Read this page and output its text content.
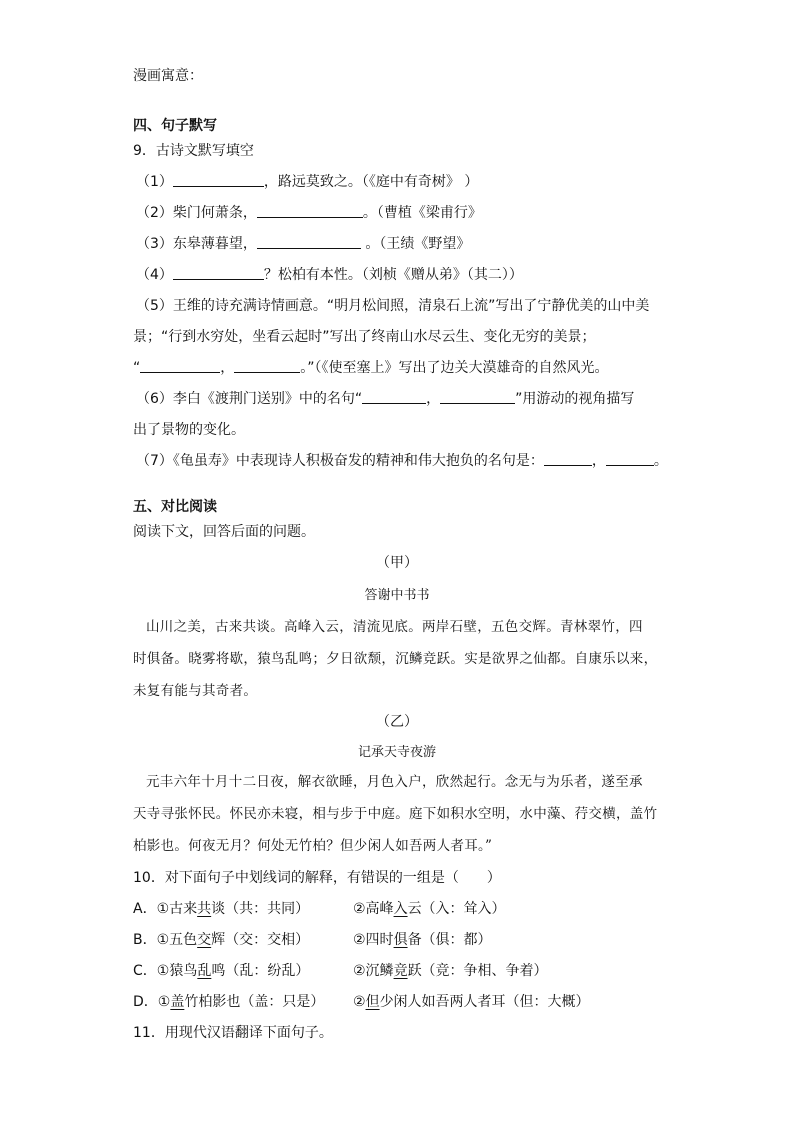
漫画寓意：
四、句子默写
9．古诗文默写填空
（1）	，路远莫致之。（《庭中有奇树》 ）
（2）柴门何萧条，	。（曹植《梁甫行》
（3）东皋薄暮望，	。（王绩《野望》
（4）	？松柏有本性。（刘桢《赠从弟》（其二））
（5）王维的诗充满诗情画意。“明月松间照，清泉石上流”写出了宁静优美的山中美
景；“行到水穷处，坐看云起时”写出了终南山水尽云生、变化无穷的美景；
“	，	。”（《使至塞上》写出了边关大漠雄奇的自然风光。
（6）李白《渡荆门送别》中的名句“	，	”用游动的视角描写
出了景物的变化。
（7）《龟虽寿》中表现诗人积极奋发的精神和伟大抱负的名句是：	，	。
五、对比阅读
阅读下文，回答后面的问题。
（甲）
答谢中书书
山川之美，古来共谈。高峰入云，清流见底。两岸石壁，五色交辉。青林翠竹，四
时俱备。晓雾将歇，猿鸟乱鸣；夕日欲颓，沉鳞竞跃。实是欲界之仙都。自康乐以来，
未复有能与其奇者。
（乙）
记承天寺夜游
元丰六年十月十二日夜，解衣欲睡，月色入户，欣然起行。念无与为乐者，遂至承
天寺寻张怀民。怀民亦未寝，相与步于中庭。庭下如积水空明，水中藻、荇交横，盖竹
柏影也。何夜无月？何处无竹柏？但少闲人如吾两人者耳。”
10．对下面句子中划线词的解释，有错误的一组是（　　）
A．①古来共谈（共：共同）	②高峰入云（入：耸入）
B．①五色交辉（交：交相）	②四时俱备（俱：都）
C．①猿鸟乱鸣（乱：纷乱）	②沉鳞竞跃（竞：争相、争着）
D．①盖竹柏影也（盖：只是） ②但少闲人如吾两人者耳（但：大概）
11．用现代汉语翻译下面句子。
